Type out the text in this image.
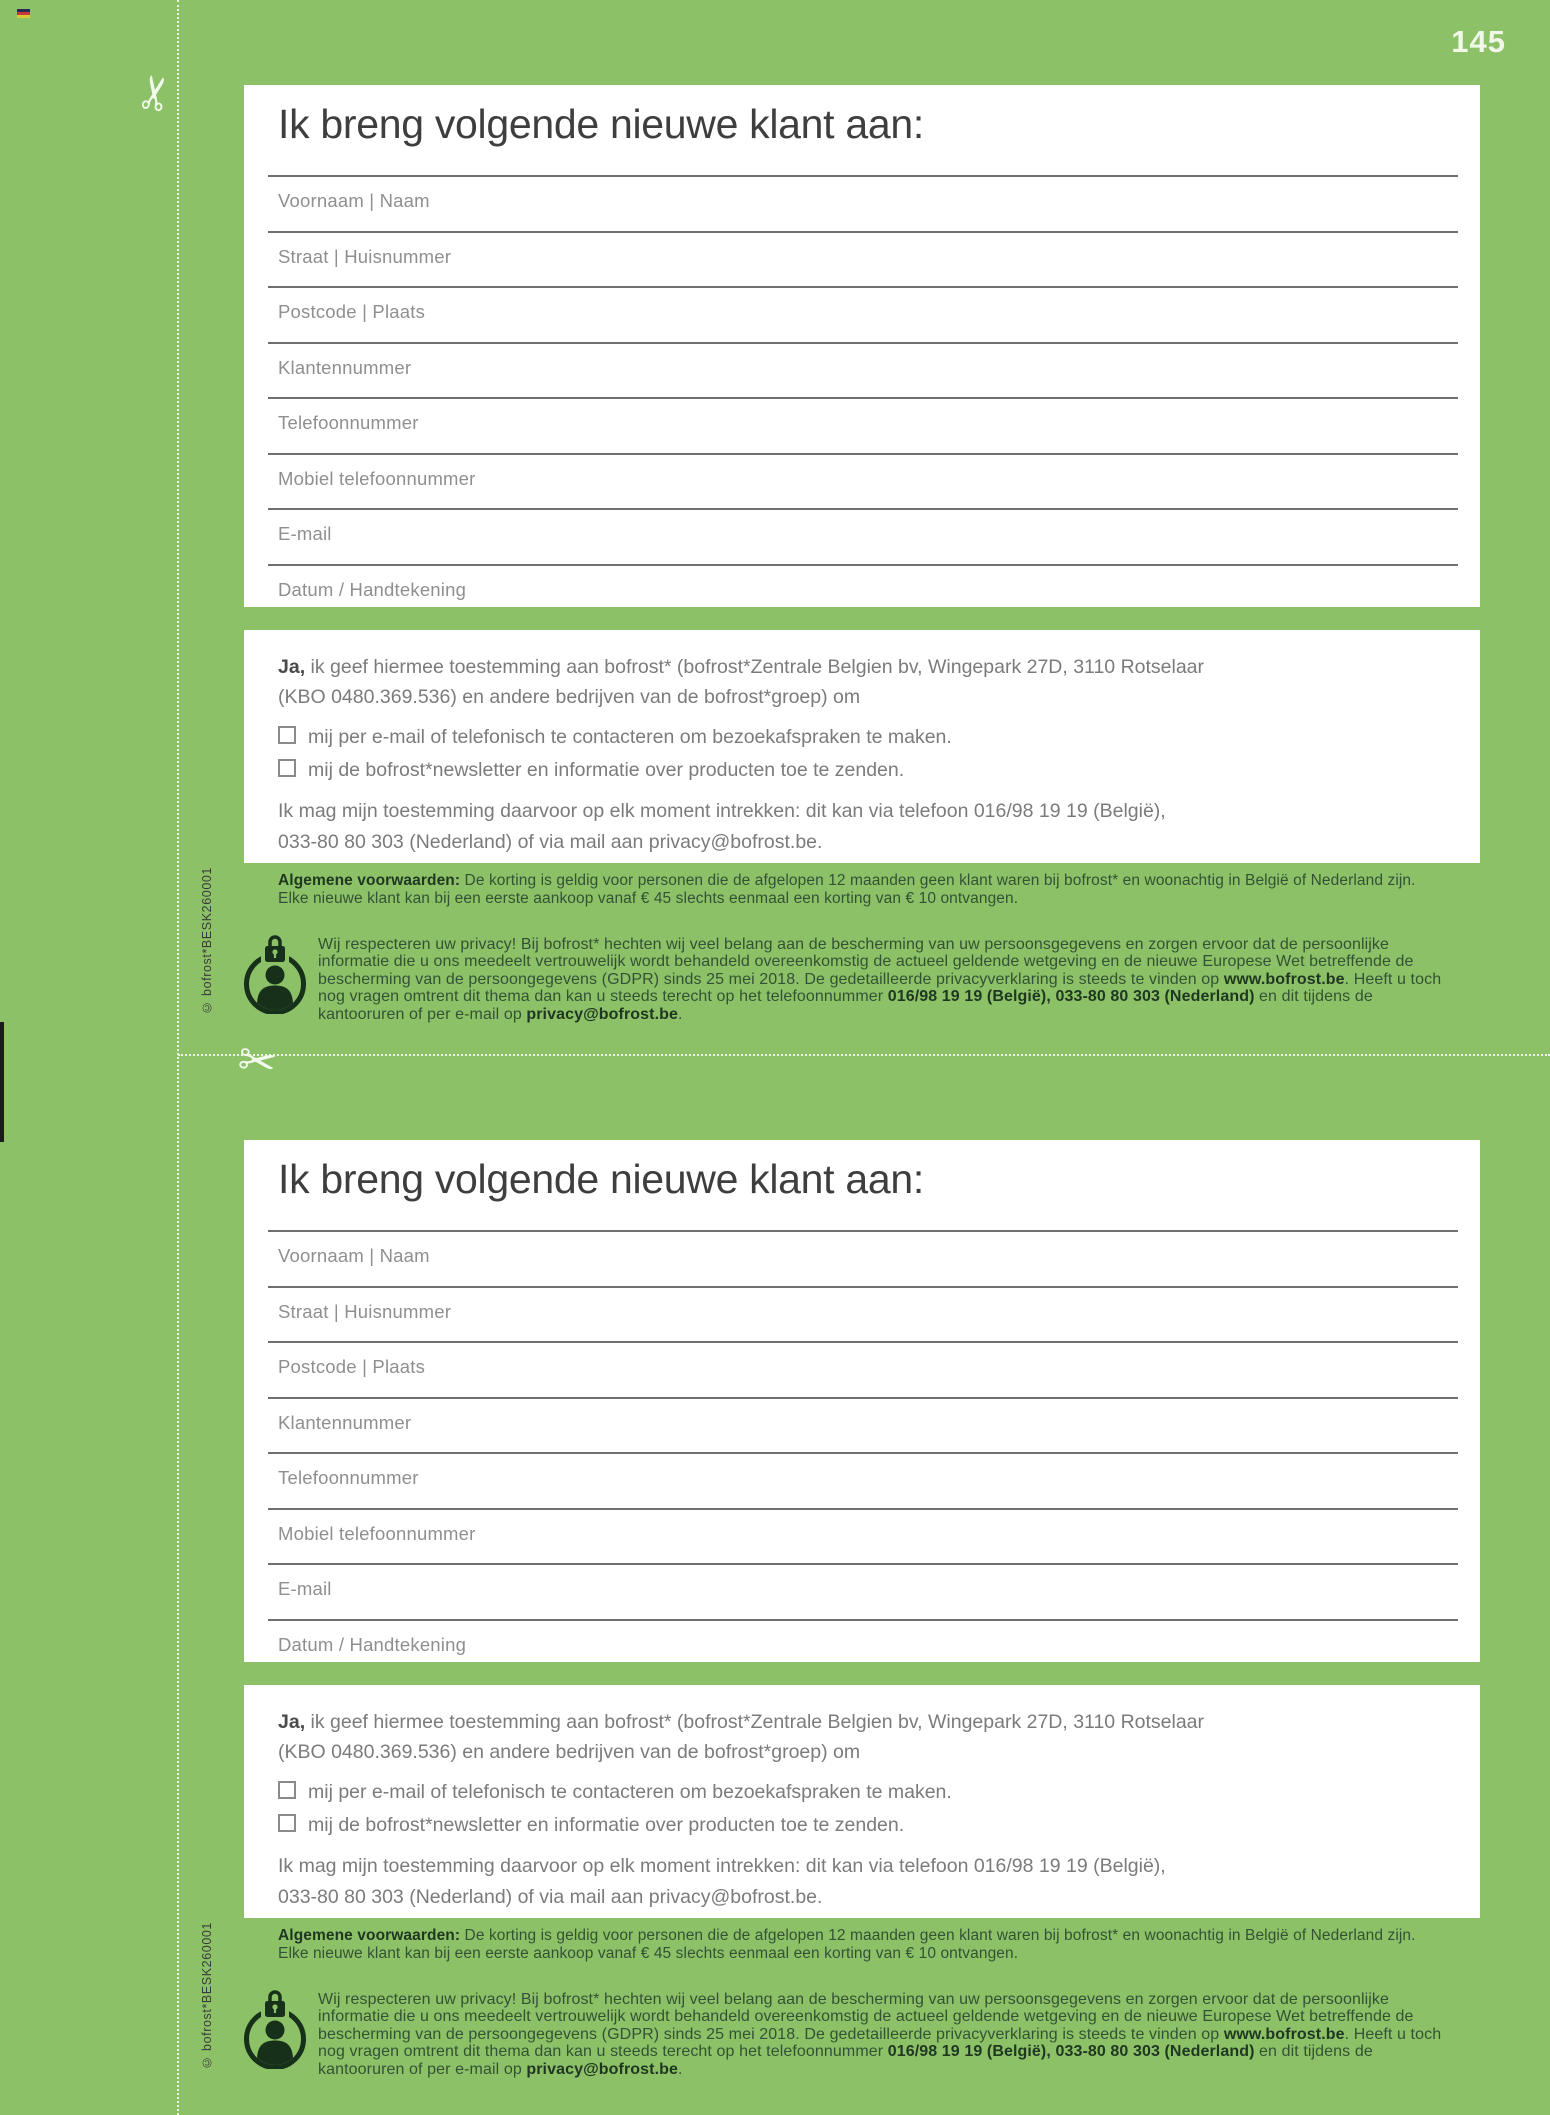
✂
✂
145
Ik breng volgende nieuwe klant aan:
Voornaam | Naam
Straat | Huisnummer
Postcode | Plaats
Klantennummer
Telefoonnummer
Mobiel telefoonnummer
E-mail
Datum / Handtekening

Ja, ik geef hiermee toestemming aan bofrost* (bofrost*Zentrale Belgien bv, Wingepark 27D, 3110 Rotselaar
(KBO 0480.369.536) en andere bedrijven van de bofrost*groep) om

mij per e-mail of telefonisch te contacteren om bezoekafspraken te maken.
mij de bofrost*newsletter en informatie over producten toe te zenden.

Ik mag mijn toestemming daarvoor op elk moment intrekken: dit kan via telefoon 016/98 19 19 (België),
033-80 80 303 (Nederland) of via mail aan privacy@bofrost.be.

Algemene voorwaarden: De korting is geldig voor personen die de afgelopen 12 maanden geen klant waren bij bofrost* en woonachtig in België of Nederland zijn.
Elke nieuwe klant kan bij een eerste aankoop vanaf € 45 slechts eenmaal een korting van € 10 ontvangen.
Wij respecteren uw privacy! Bij bofrost* hechten wij veel belang aan de bescherming van uw persoonsgegevens en zorgen ervoor dat de persoonlijke informatie die u ons meedeelt vertrouwelijk wordt behandeld overeenkomstig de actueel geldende wetgeving en de nieuwe Europese Wet betreffende de bescherming van de persoongegevens (GDPR) sinds 25 mei 2018. De gedetailleerde privacyverklaring is steeds te vinden op www.bofrost.be. Heeft u toch nog vragen omtrent dit thema dan kan u steeds terecht op het telefoonnummer 016/98 19 19 (België), 033-80 80 303 (Nederland) en dit tijdens de kantooruren of per e-mail op privacy@bofrost.be.
© bofrost*BESK260001
Ik breng volgende nieuwe klant aan:
Voornaam | Naam
Straat | Huisnummer
Postcode | Plaats
Klantennummer
Telefoonnummer
Mobiel telefoonnummer
E-mail
Datum / Handtekening

Ja, ik geef hiermee toestemming aan bofrost* (bofrost*Zentrale Belgien bv, Wingepark 27D, 3110 Rotselaar
(KBO 0480.369.536) en andere bedrijven van de bofrost*groep) om

mij per e-mail of telefonisch te contacteren om bezoekafspraken te maken.
mij de bofrost*newsletter en informatie over producten toe te zenden.

Ik mag mijn toestemming daarvoor op elk moment intrekken: dit kan via telefoon 016/98 19 19 (België),
033-80 80 303 (Nederland) of via mail aan privacy@bofrost.be.

Algemene voorwaarden: De korting is geldig voor personen die de afgelopen 12 maanden geen klant waren bij bofrost* en woonachtig in België of Nederland zijn.
Elke nieuwe klant kan bij een eerste aankoop vanaf € 45 slechts eenmaal een korting van € 10 ontvangen.
Wij respecteren uw privacy! Bij bofrost* hechten wij veel belang aan de bescherming van uw persoonsgegevens en zorgen ervoor dat de persoonlijke informatie die u ons meedeelt vertrouwelijk wordt behandeld overeenkomstig de actueel geldende wetgeving en de nieuwe Europese Wet betreffende de bescherming van de persoongegevens (GDPR) sinds 25 mei 2018. De gedetailleerde privacyverklaring is steeds te vinden op www.bofrost.be. Heeft u toch nog vragen omtrent dit thema dan kan u steeds terecht op het telefoonnummer 016/98 19 19 (België), 033-80 80 303 (Nederland) en dit tijdens de kantooruren of per e-mail op privacy@bofrost.be.
© bofrost*BESK260001
